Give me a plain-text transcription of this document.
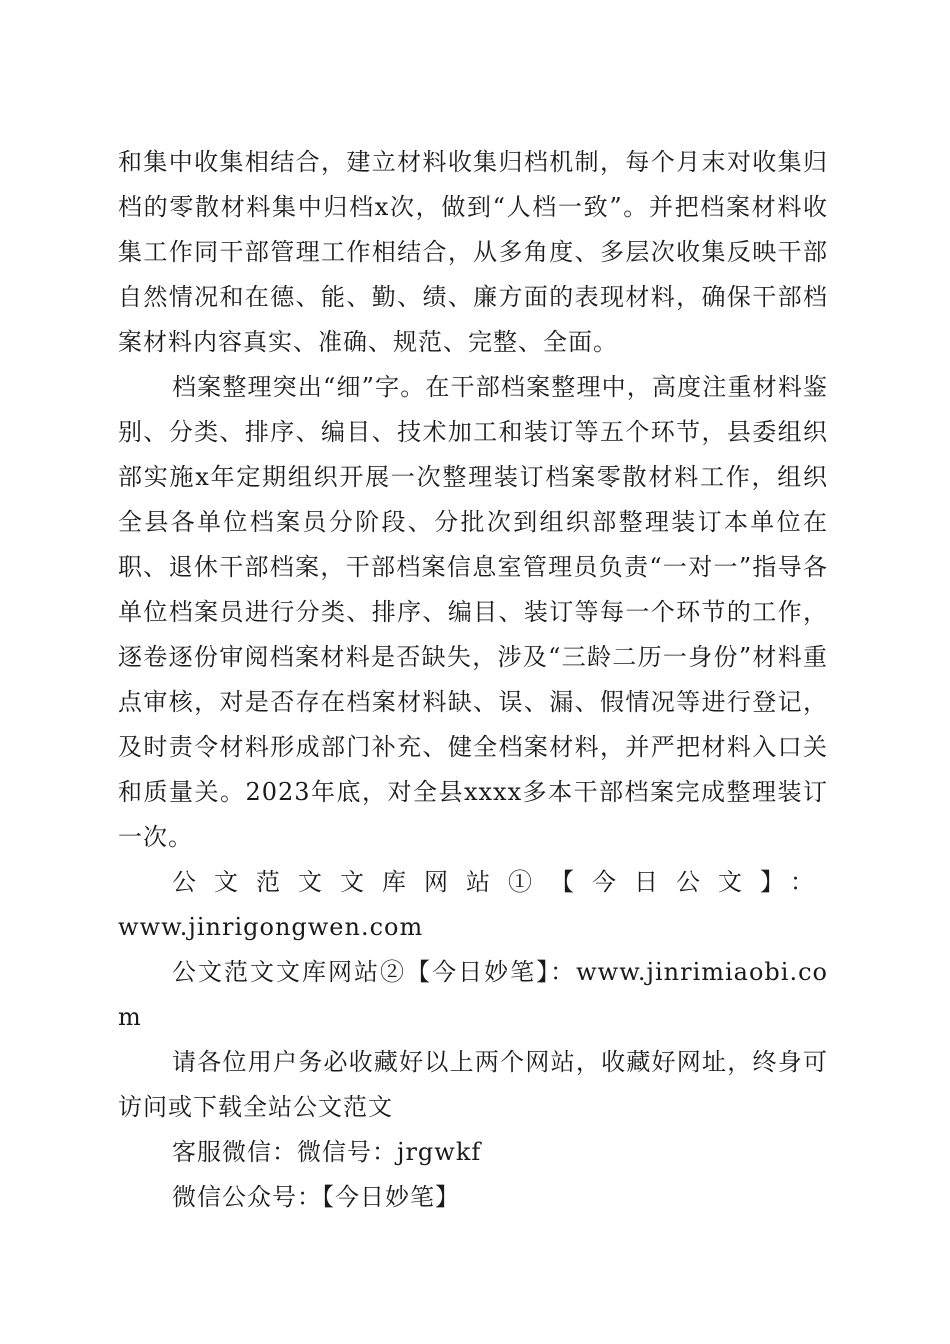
和集中收集相结合，建立材料收集归档机制，每个月末对收集归档的零散材料集中归档x次，做到“人档一致”。并把档案材料收集工作同干部管理工作相结合，从多角度、多层次收集反映干部自然情况和在德、能、勤、绩、廉方面的表现材料，确保干部档案材料内容真实、准确、规范、完整、全面。

档案整理突出“细”字。在干部档案整理中，高度注重材料鉴别、分类、排序、编目、技术加工和装订等五个环节，县委组织部实施x年定期组织开展一次整理装订档案零散材料工作，组织全县各单位档案员分阶段、分批次到组织部整理装订本单位在职、退休干部档案，干部档案信息室管理员负责“一对一”指导各单位档案员进行分类、排序、编目、装订等每一个环节的工作，逐卷逐份审阅档案材料是否缺失，涉及“三龄二历一身份”材料重点审核，对是否存在档案材料缺、误、漏、假情况等进行登记，及时责令材料形成部门补充、健全档案材料，并严把材料入口关和质量关。2023年底，对全县xxxx多本干部档案完成整理装订一次。

公文范文文库网站①【今日公文】：

www.jinrigongwen.com

公文范文文库网站②【今日妙笔】：www.jinrimiaobi.com

请各位用户务必收藏好以上两个网站，收藏好网址，终身可访问或下载全站公文范文

客服微信：微信号：jrgwkf

微信公众号：【今日妙笔】
